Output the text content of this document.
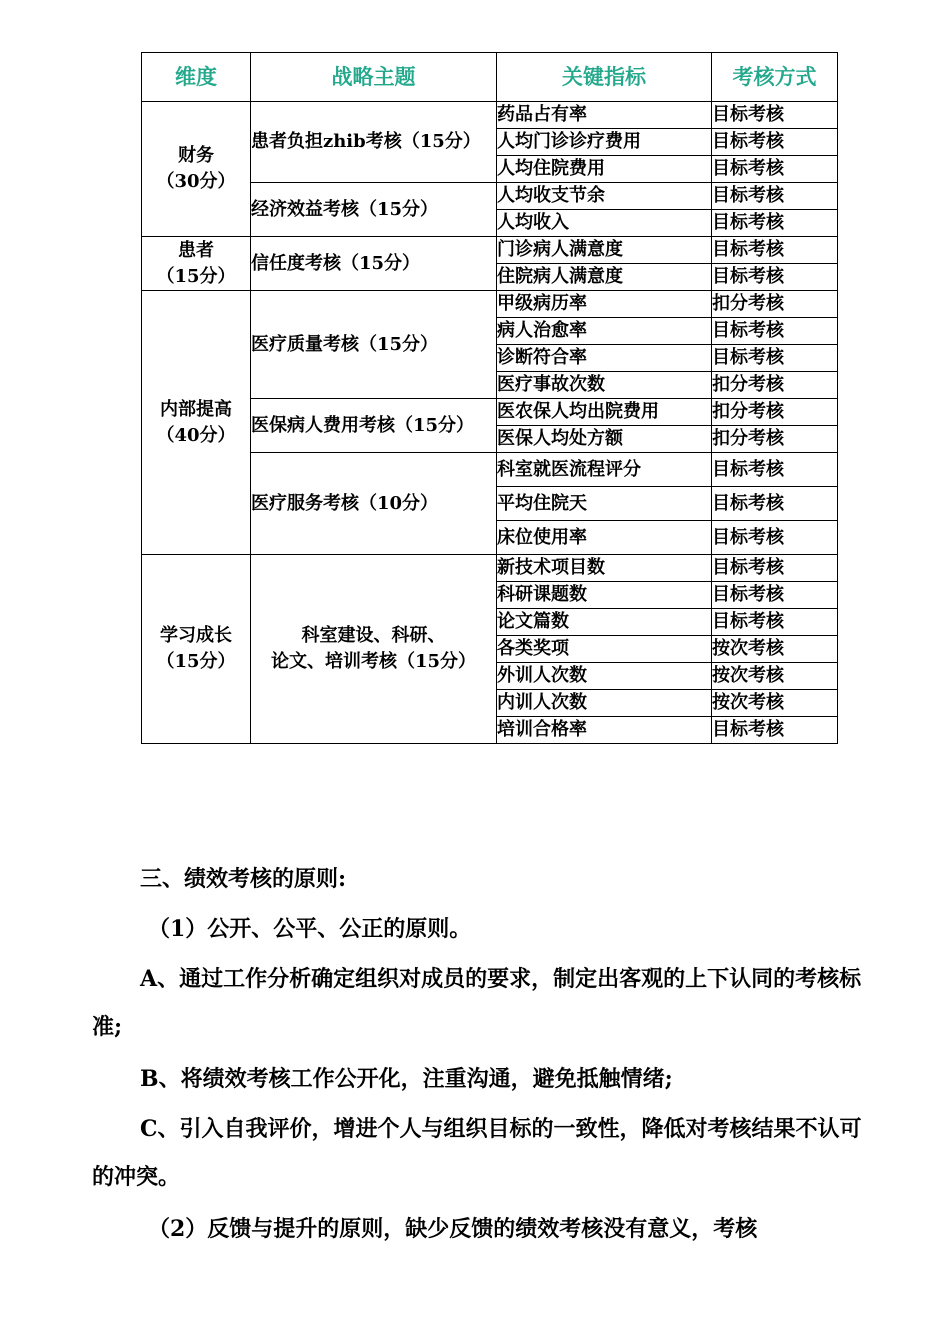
维度	战略主题	关键指标	考核方式

财务
（30分）	患者负担zhib考核（15分）	药品占有率	目标考核
		人均门诊诊疗费用	目标考核
		人均住院费用	目标考核
	经济效益考核（15分）	人均收支节余	目标考核
		人均收入	目标考核

患者
（15分）	信任度考核（15分）	门诊病人满意度	目标考核
		住院病人满意度	目标考核

内部提高
（40分）	医疗质量考核（15分）	甲级病历率	扣分考核
		病人治愈率	目标考核
		诊断符合率	目标考核
		医疗事故次数	扣分考核
	医保病人费用考核（15分）	医农保人均出院费用	扣分考核
		医保人均处方额	扣分考核
	医疗服务考核（10分）	科室就医流程评分	目标考核
		平均住院天	目标考核
		床位使用率	目标考核

学习成长
（15分）	科室建设、科研、
论文、培训考核（15分）	新技术项目数	目标考核
		科研课题数	目标考核
		论文篇数	目标考核
		各类奖项	按次考核
		外训人次数	按次考核
		内训人次数	按次考核
		培训合格率	目标考核

三、绩效考核的原则:

（1）公开、公平、公正的原则。

A、通过工作分析确定组织对成员的要求，制定出客观的上下认同的考核标准;

B、将绩效考核工作公开化，注重沟通，避免抵触情绪;

C、引入自我评价，增进个人与组织目标的一致性，降低对考核结果不认可的冲突。

（2）反馈与提升的原则，缺少反馈的绩效考核没有意义，考核
